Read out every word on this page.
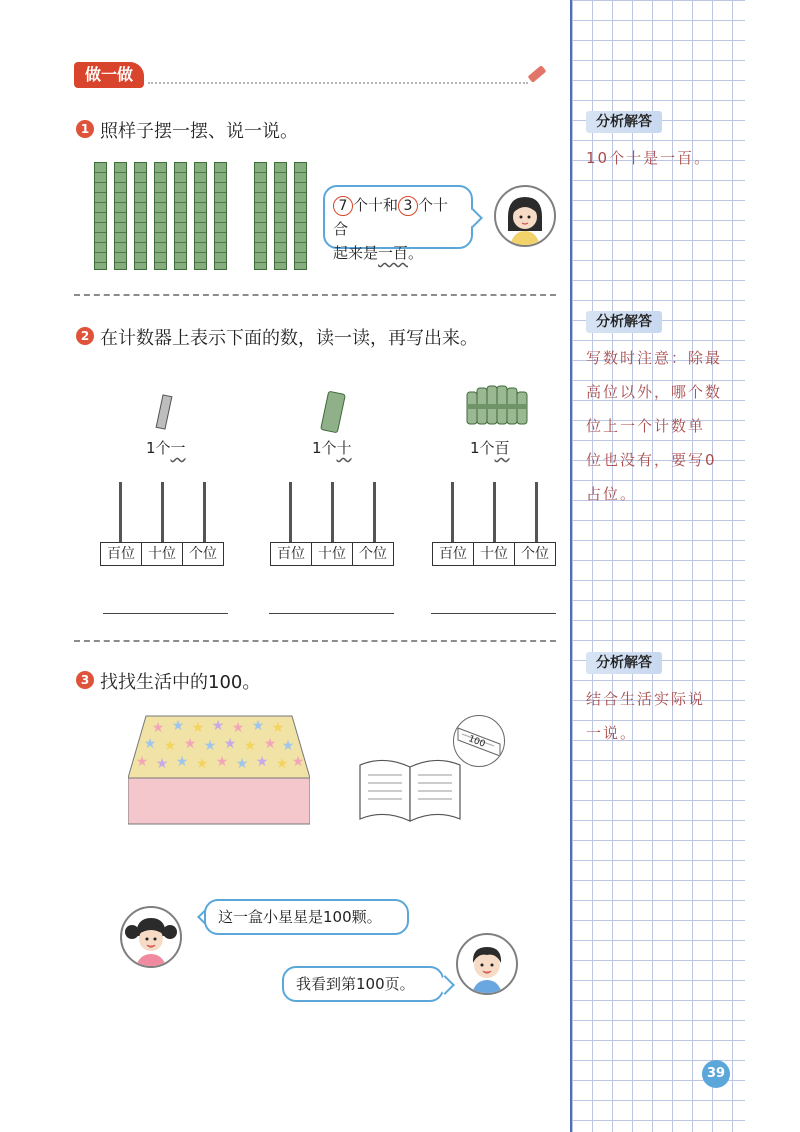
做一做
1 照样子摆一摆、说一说。
7 个十和 3 个十合
起来是一百。
2 在计数器上表示下面的数，读一读，再写出来。
1个一	1个十	1个百
百位 十位 个位	百位 十位 个位	百位 十位 个位
3 找找生活中的100。
★ ★ ★ ★ ★ ★ ★
★ ★ ★ ★ ★ ★ ★ ★
★ ★ ★ ★ ★ ★ ★ ★ ★
100
这一盒小星星是100颗。
我看到第100页。
分析解答
10个十是一百。
分析解答
写数时注意：除最
高位以外，哪个数
位上一个计数单
位也没有，要写0
占位。
分析解答
结合生活实际说
一说。
39
